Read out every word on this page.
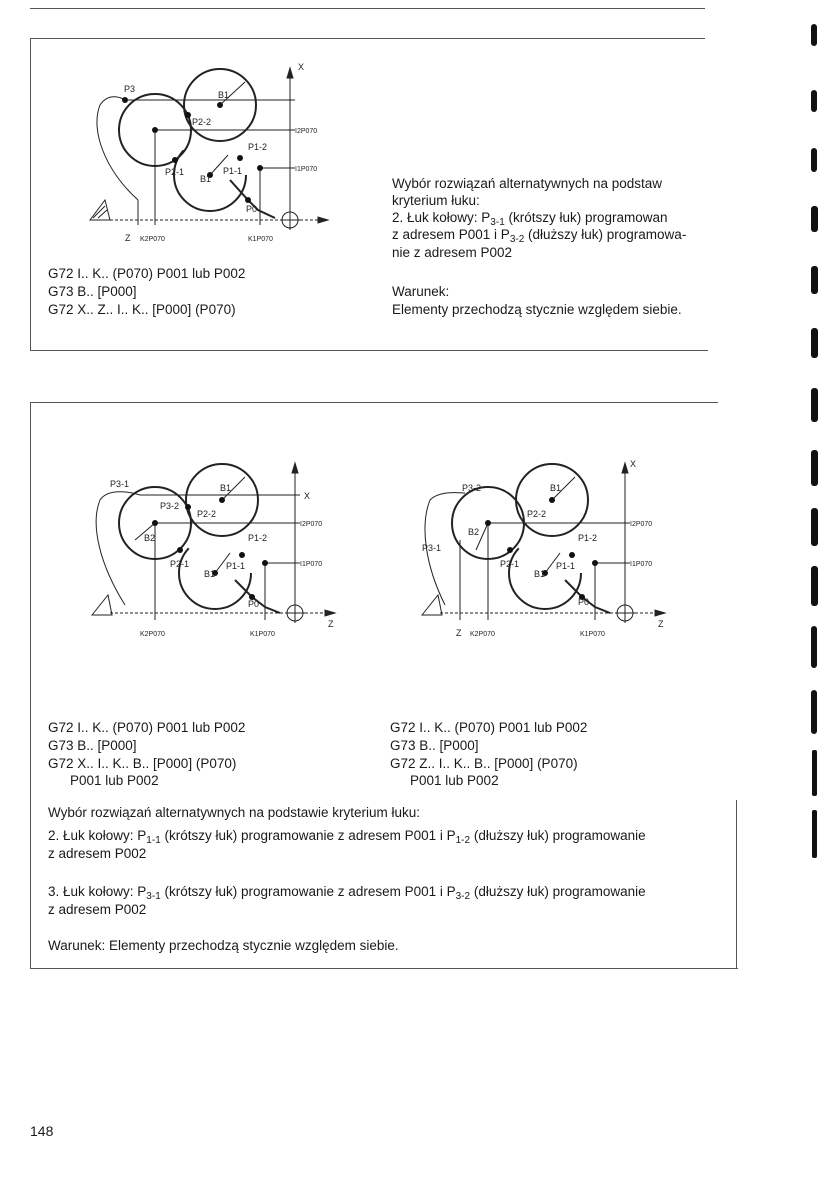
P3
B1
P2-2
P1-2
P2-1
B1
P1-1
P0
I2P070
I1P070
Z K2P070	K1P070
X
G72 I.. K.. (P070) P001 lub P002
G73 B.. [P000]
G72 X.. Z.. I.. K.. [P000] (P070)
Wybór rozwiązań alternatywnych na podstaw
kryterium łuku:
2. Łuk kołowy: $P_{3-1}$ (krótszy łuk) programowan
z adresem P001 i $P_{3-2}$ (dłuższy łuk) programowa-
nie z adresem P002
Warunek:
Elementy przechodzą stycznie względem siebie.
P3-1
P3-2
B1
B2
P2-2
P1-2
P2-1
B1
P1-1
P0
X
I2P070
I1P070
K2P070	K1P070
Z
P3-2	B1
B2
P2-2
P3-1
P1-2
P2-1
B1
P1-1
P0
X
I2P070
I1P070
Z K2P070	K1P070
Z
G72 I.. K.. (P070) P001 lub P002
G73 B.. [P000]
G72 X.. I.. K.. B.. [P000] (P070)
P001 lub P002
G72 I.. K.. (P070) P001 lub P002
G73 B.. [P000]
G72 Z.. I.. K.. B.. [P000] (P070)
P001 lub P002
Wybór rozwiązań alternatywnych na podstawie kryterium łuku:
2. Łuk kołowy: $P_{1-1}$ (krótszy łuk) programowanie z adresem P001 i $P_{1-2}$ (dłuższy łuk) programowanie
z adresem P002
3. Łuk kołowy: $P_{3-1}$ (krótszy łuk) programowanie z adresem P001 i $P_{3-2}$ (dłuższy łuk) programowanie
z adresem P002
Warunek: Elementy przechodzą stycznie względem siebie.
148
